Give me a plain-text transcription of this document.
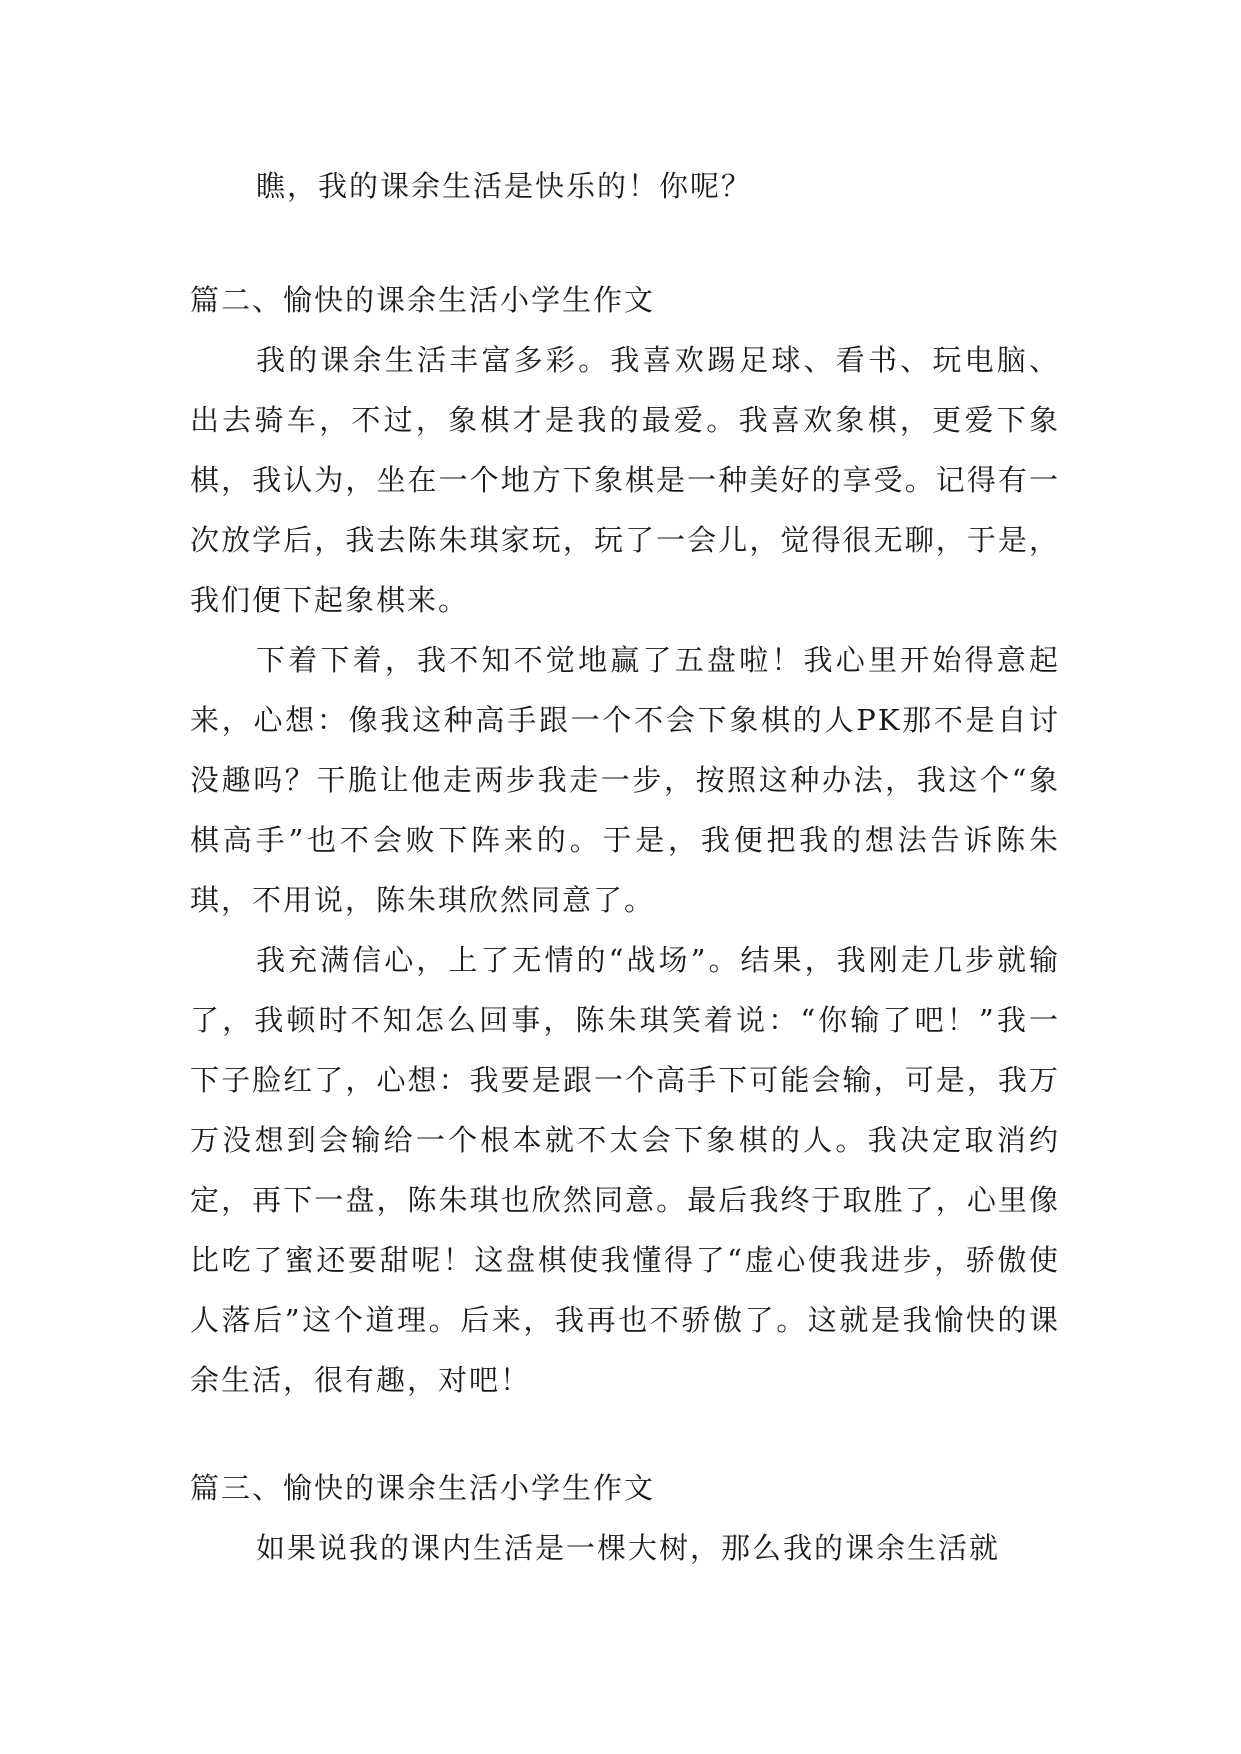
瞧，我的课余生活是快乐的！你呢？

篇二、愉快的课余生活小学生作文

我的课余生活丰富多彩。我喜欢踢足球、看书、玩电脑、出去骑车，不过，象棋才是我的最爱。我喜欢象棋，更爱下象棋，我认为，坐在一个地方下象棋是一种美好的享受。记得有一次放学后，我去陈朱琪家玩，玩了一会儿，觉得很无聊，于是，我们便下起象棋来。

下着下着，我不知不觉地赢了五盘啦！我心里开始得意起来，心想：像我这种高手跟一个不会下象棋的人PK那不是自讨没趣吗？干脆让他走两步我走一步，按照这种办法，我这个“象棋高手”也不会败下阵来的。于是，我便把我的想法告诉陈朱琪，不用说，陈朱琪欣然同意了。

我充满信心，上了无情的“战场”。结果，我刚走几步就输了，我顿时不知怎么回事，陈朱琪笑着说：“你输了吧！”我一下子脸红了，心想：我要是跟一个高手下可能会输，可是，我万万没想到会输给一个根本就不太会下象棋的人。我决定取消约定，再下一盘，陈朱琪也欣然同意。最后我终于取胜了，心里像比吃了蜜还要甜呢！这盘棋使我懂得了“虚心使我进步，骄傲使人落后”这个道理。后来，我再也不骄傲了。这就是我愉快的课余生活，很有趣，对吧！

篇三、愉快的课余生活小学生作文

如果说我的课内生活是一棵大树，那么我的课余生活就
